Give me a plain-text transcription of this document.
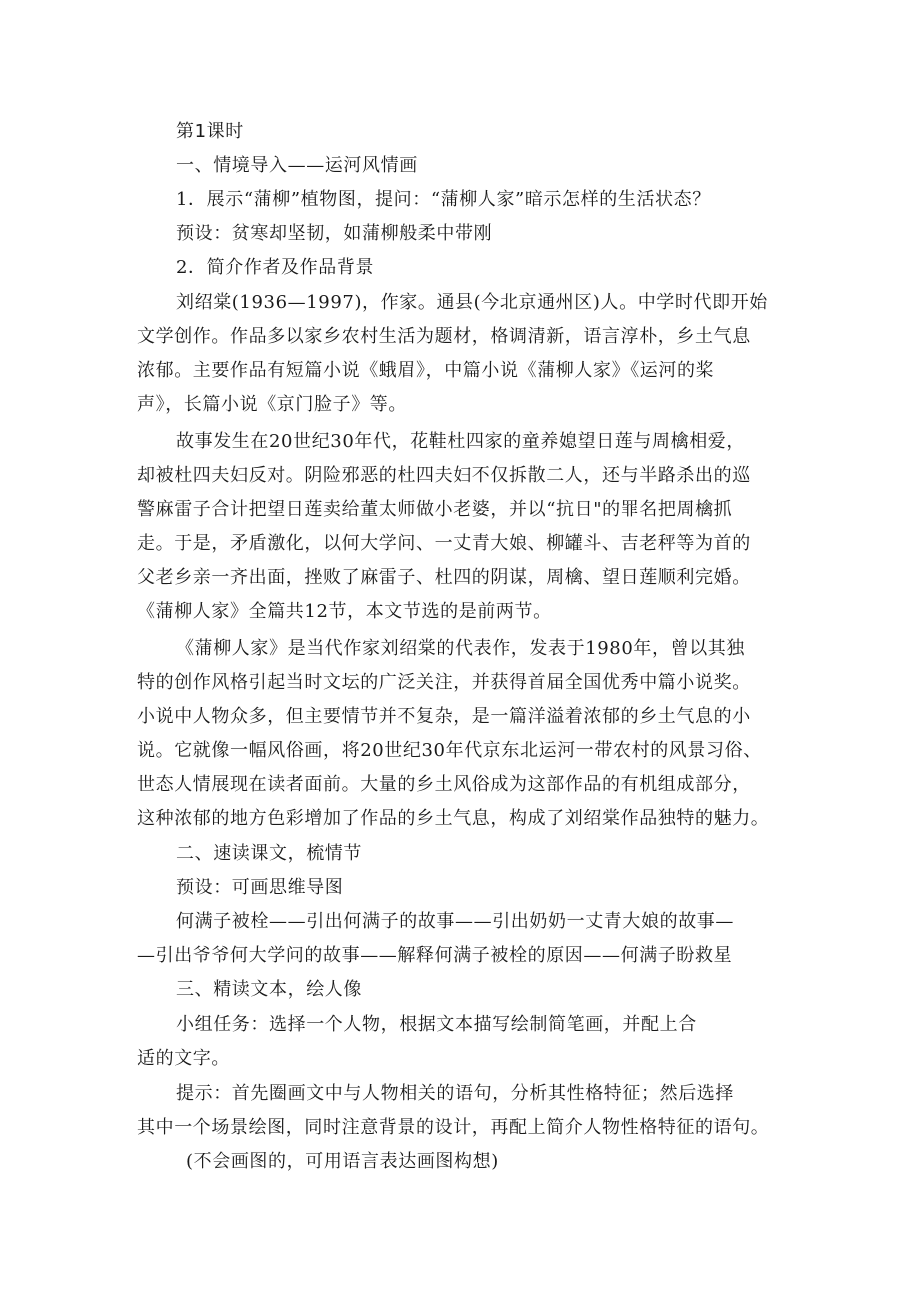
第1课时
一、情境导入——运河风情画
1．展示“蒲柳”植物图，提问：“蒲柳人家”暗示怎样的生活状态？
预设：贫寒却坚韧，如蒲柳般柔中带刚
2．简介作者及作品背景
刘绍棠(1936—1997)，作家。通县(今北京通州区)人。中学时代即开始
文学创作。作品多以家乡农村生活为题材，格调清新，语言淳朴，乡土气息
浓郁。主要作品有短篇小说《蛾眉》，中篇小说《蒲柳人家》《运河的桨
声》，长篇小说《京门脸子》等。
故事发生在20世纪30年代，花鞋杜四家的童养媳望日莲与周檎相爱，
却被杜四夫妇反对。阴险邪恶的杜四夫妇不仅拆散二人，还与半路杀出的巡
警麻雷子合计把望日莲卖给董太师做小老婆，并以“抗日"的罪名把周檎抓
走。于是，矛盾激化，以何大学问、一丈青大娘、柳罐斗、吉老秤等为首的
父老乡亲一齐出面，挫败了麻雷子、杜四的阴谋，周檎、望日莲顺利完婚。
《蒲柳人家》全篇共12节，本文节选的是前两节。
《蒲柳人家》是当代作家刘绍棠的代表作，发表于1980年，曾以其独
特的创作风格引起当时文坛的广泛关注，并获得首届全国优秀中篇小说奖。
小说中人物众多，但主要情节并不复杂，是一篇洋溢着浓郁的乡土气息的小
说。它就像一幅风俗画，将20世纪30年代京东北运河一带农村的风景习俗、
世态人情展现在读者面前。大量的乡土风俗成为这部作品的有机组成部分，
这种浓郁的地方色彩增加了作品的乡土气息，构成了刘绍棠作品独特的魅力。
二、速读课文，梳情节
预设：可画思维导图
何满子被栓——引出何满子的故事——引出奶奶一丈青大娘的故事—
—引出爷爷何大学问的故事——解释何满子被栓的原因——何满子盼救星
三、精读文本，绘人像
小组任务：选择一个人物，根据文本描写绘制简笔画，并配上合
适的文字。
提示：首先圈画文中与人物相关的语句，分析其性格特征；然后选择
其中一个场景绘图，同时注意背景的设计，再配上简介人物性格特征的语句。
(不会画图的，可用语言表达画图构想)
